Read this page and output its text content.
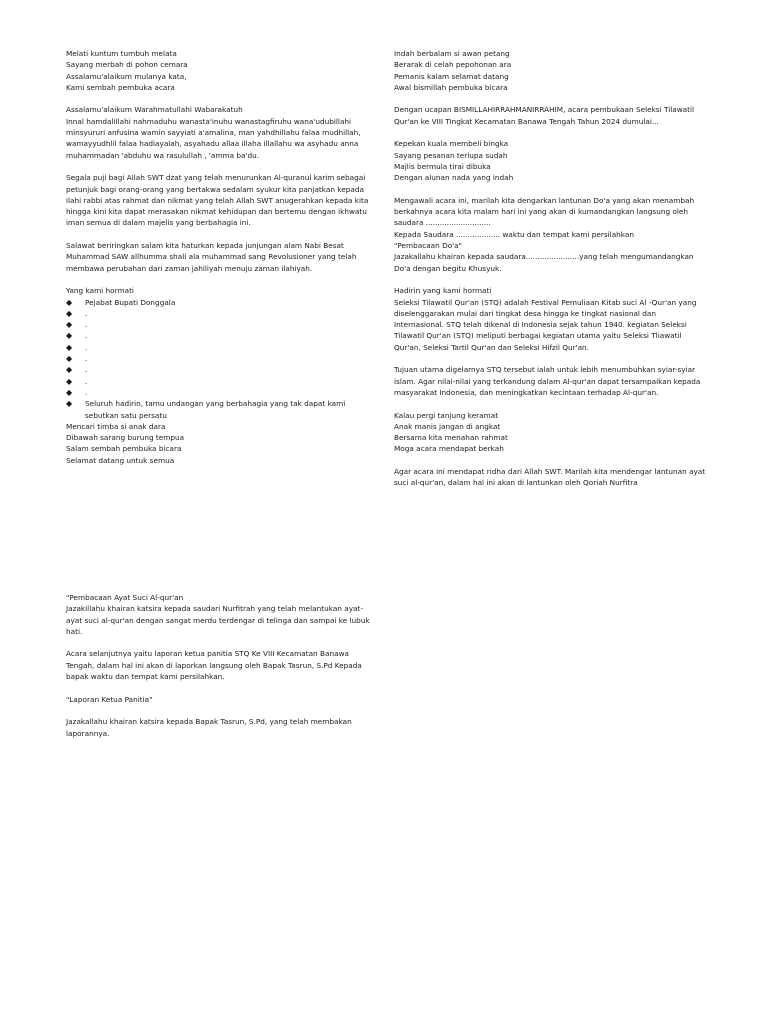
Melati kuntum tumbuh melata
Sayang merbah di pohon cemara
Assalamu'alaikum mulanya kata,
Kami sembah pembuka acara
Assalamu'alaikum Warahmatullahi Wabarakatuh

Innal hamdalillahi nahmaduhu wanasta'inuhu wanastagfiruhu wana'udubillahi minsyururi anfusina wamin sayyiati a'amalina, man yahdhillahu falaa mudhillah, wamayyudhlil falaa hadiayalah, asyahadu allaa illaha illallahu wa asyhadu anna muhammadan 'abduhu wa rasulullah , 'amma ba'du.

Segala puji bagi Allah SWT dzat yang telah menurunkan Al-quranul karim sebagai petunjuk bagi orang-orang yang bertakwa sedalam syukur kita panjatkan kepada ilahi rabbi atas rahmat dan nikmat yang telah Allah SWT anugerahkan kepada kita hingga kini kita dapat merasakan nikmat kehidupan dan bertemu dengan ikhwatu iman semua di dalam majelis yang berbahagia ini.

Salawat beriringkan salam kita haturkan kepada junjungan alam Nabi Besat Muhammad SAW allhumma shali ala muhammad sang Revolusioner yang telah membawa perubahan dari zaman jahiliyah menuju zaman ilahiyah.

Yang kami hormati
◆	Pejabat Bupati Donggala
◆	.
◆	.
◆	.
◆	.
◆	.
◆	.
◆	.
◆	.
◆	Seluruh hadirin, tamu undangan yang berbahagia yang tak dapat kami sebutkan satu persatu
Mencari timba si anak dara
Dibawah sarang burung tempua
Salam sembah pembuka bicara
Selamat datang untuk semua
Indah berbalam si awan petang
Berarak di celah pepohonan ara
Pemanis kalam selamat datang
Awal bismillah pembuka bicara

Dengan ucapan BISMILLAHIRRAHMANIRRAHIM, acara pembukaan Seleksi Tilawatil Qur'an ke VIII Tingkat Kecamatan Banawa Tengah Tahun 2024 dumulai...

Kepekan kuala membeli bingka
Sayang pesanan terlupa sudah
Majlis bermula tirai dibuka
Dengan alunan nada yang indah

Mengawali acara ini, marilah kita dengarkan lantunan Do'a yang akan menambah berkahnya acara kita malam hari ini yang akan di kumandangkan langsung oleh saudara ............................

Kepada Saudara ................... waktu dan tempat kami persilahkan
"Pembacaan Do'a"

Jazakallahu khairan kepada saudara.......................yang telah mengumandangkan Do'a dengan begitu Khusyuk.

Hadirin yang kami hormati

Seleksi Tilawatil Qur'an (STQ) adalah Festival Pemuliaan Kitab suci Al -Qur'an yang diselenggarakan mulai dari tingkat desa hingga ke tingkat nasional dan Internasional. STQ telah dikenal di Indonesia sejak tahun 1940. kegiatan Seleksi Tilawatil Qur'an (STQ) meliputi berbagai kegiatan utama yaitu Seleksi Tliawatil Qur'an, Seleksi Tartil Qur'an dan Seleksi Hifzil Qur'an.

Tujuan utama digelarnya STQ tersebut ialah untuk lebih menumbuhkan syiar-syiar islam. Agar nilai-nilai yang terkandung dalam Al-qur'an dapat tersampaikan kepada masyarakat Indonesia, dan meningkatkan kecintaan terhadap Al-qur'an.

Kalau pergi tanjung keramat
Anak manis jangan di angkat
Bersama kita menahan rahmat
Moga acara mendapat berkah

Agar acara ini mendapat ridha dari Allah SWT. Marilah kita mendengar lantunan ayat suci al-qur'an, dalam hal ini akan di lantunkan oleh Qoriah Nurfitra

"Pembacaan Ayat Suci Al-qur'an

Jazakillahu khairan katsira kepada saudari Nurfitrah yang telah melantukan ayat-ayat suci al-qur'an dengan sangat merdu terdengar di telinga dan sampai ke lubuk hati.

Acara selanjutnya yaitu laporan ketua panitia STQ Ke VIII Kecamatan Banawa Tengah, dalam hal ini akan di laporkan langsung oleh Bapak Tasrun, S.Pd Kepada bapak waktu dan tempat kami persilahkan.

"Laporan Ketua Panitia"

Jazakallahu khairan katsira kepada Bapak Tasrun, S.Pd, yang telah membakan laporannya.
